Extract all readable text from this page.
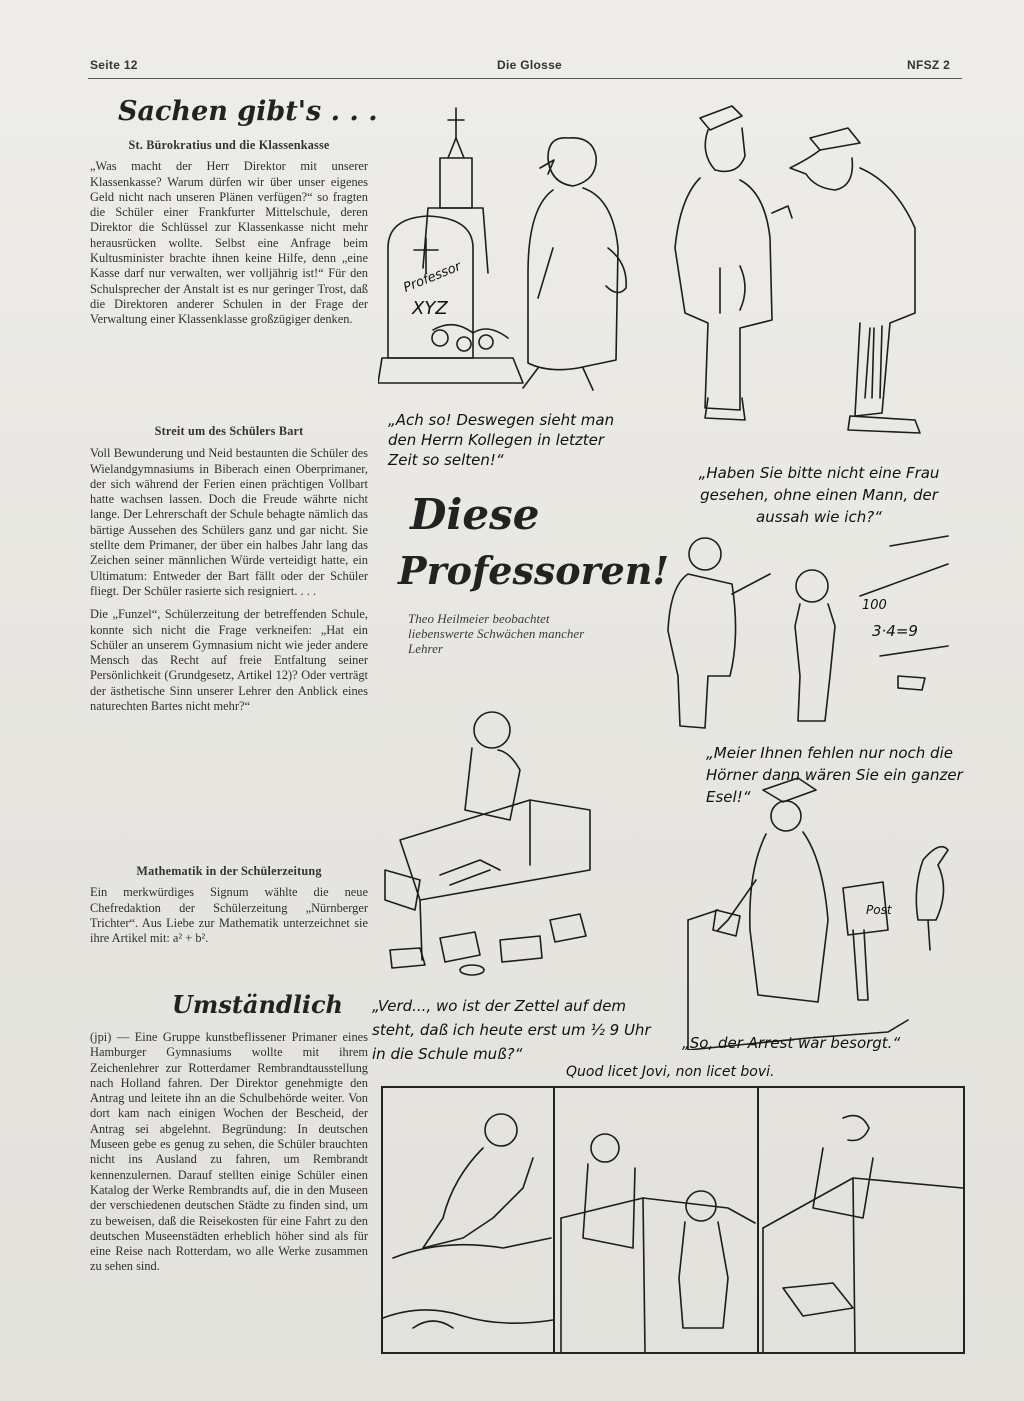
Seite 12	Die Glosse	NFSZ 2
Sachen gibt's . . .
St. Bürokratius und die Klassenkasse

„Was macht der Herr Direktor mit unserer Klassenkasse? Warum dürfen wir über unser eigenes Geld nicht nach unseren Plänen verfügen?“ so fragten die Schüler einer Frankfurter Mittelschule, deren Direktor die Schlüssel zur Klassenkasse nicht mehr herausrücken wollte. Selbst eine Anfrage beim Kultusminister brachte ihnen keine Hilfe, denn „eine Kasse darf nur verwalten, wer volljährig ist!“ Für den Schulsprecher der Anstalt ist es nur geringer Trost, daß die Direktoren anderer Schulen in der Frage der Verwaltung einer Klassenklasse großzügiger denken.

Streit um des Schülers Bart

Voll Bewunderung und Neid bestaunten die Schüler des Wielandgymnasiums in Biberach einen Oberprimaner, der sich während der Ferien einen prächtigen Vollbart hatte wachsen lassen. Doch die Freude währte nicht lange. Der Lehrerschaft der Schule behagte nämlich das bärtige Aussehen des Schülers ganz und gar nicht. Sie stellte dem Primaner, der über ein halbes Jahr lang das Zeichen seiner männlichen Würde verteidigt hatte, ein Ultimatum: Entweder der Bart fällt oder der Schüler fliegt. Der Schüler rasierte sich resigniert. . . .

Die „Funzel“, Schülerzeitung der betreffenden Schule, konnte sich nicht die Frage verkneifen: „Hat ein Schüler an unserem Gymnasium nicht wie jeder andere Mensch das Recht auf freie Entfaltung seiner Persönlichkeit (Grundgesetz, Artikel 12)? Oder verträgt der ästhetische Sinn unserer Lehrer den Anblick eines naturechten Bartes nicht mehr?“

Mathematik in der Schülerzeitung

Ein merkwürdiges Signum wählte die neue Chefredaktion der Schülerzeitung „Nürnberger Trichter“. Aus Liebe zur Mathematik unterzeichnet sie ihre Artikel mit: a² + b².

Umständlich

(jpi) — Eine Gruppe kunstbeflissener Primaner eines Hamburger Gymnasiums wollte mit ihrem Zeichenlehrer zur Rotterdamer Rembrandtausstellung nach Holland fahren. Der Direktor genehmigte den Antrag und leitete ihn an die Schulbehörde weiter. Von dort kam nach einigen Wochen der Bescheid, der Antrag sei abgelehnt. Begründung: In deutschen Museen gebe es genug zu sehen, die Schüler brauchten nicht ins Ausland zu fahren, um Rembrandt kennenzulernen. Darauf stellten einige Schüler einen Katalog der Werke Rembrandts auf, die in den Museen der verschiedenen deutschen Städte zu finden sind, um zu beweisen, daß die Reisekosten für eine Fahrt zu den deutschen Museenstädten erheblich höher sind als für eine Reise nach Rotterdam, wo alle Werke zusammen zu sehen sind.

Diese
Professoren!
Theo Heilmeier beobachtet liebenswerte Schwächen mancher Lehrer
Professor
XYZ
„Ach so! Deswegen sieht man den Herrn Kollegen in letzter Zeit so selten!“
„Haben Sie bitte nicht eine Frau gesehen, ohne einen Mann, der aussah wie ich?“
100
3·4=9
„Meier Ihnen fehlen nur noch die Hörner dann wären Sie ein ganzer Esel!“
„Verd..., wo ist der Zettel auf dem steht, daß ich heute erst um ½ 9 Uhr in die Schule muß?“
Post
„So, der Arrest wär besorgt.“
Quod licet Jovi, non licet bovi.
